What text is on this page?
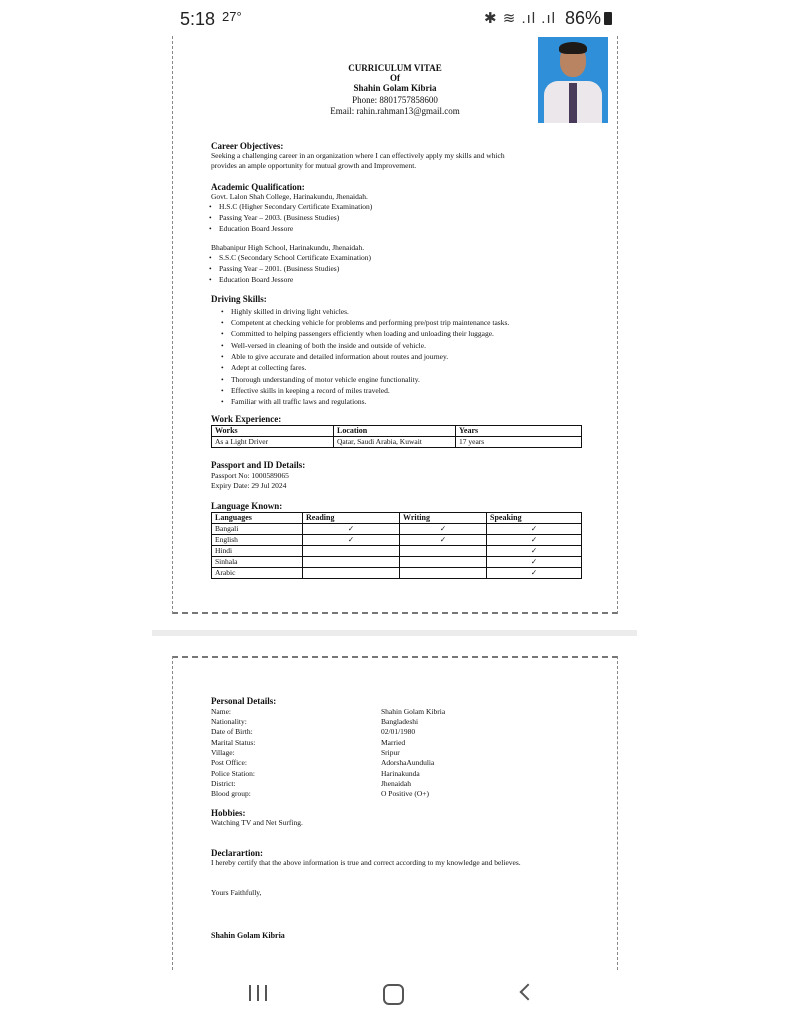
5:18 27°	✱ ≋ .ıl .ıl 86%
CURRICULUM VITAE
Of
Shahin Golam Kibria
Phone: 8801757858600
Email: rahin.rahman13@gmail.com
Career Objectives:
Seeking a challenging career in an organization where I can effectively apply my skills and which
provides an ample opportunity for mutual growth and Improvement.
Academic Qualification:
Govt. Lalon Shah College, Harinakundu, Jhenaidah.
• H.S.C (Higher Secondary Certificate Examination)
• Passing Year – 2003. (Business Studies)
• Education Board Jessore
Bhabanipur High School, Harinakundu, Jhenaidah.
• S.S.C (Secondary School Certificate Examination)
• Passing Year – 2001. (Business Studies)
• Education Board Jessore
Driving Skills:
• Highly skilled in driving light vehicles.
• Competent at checking vehicle for problems and performing pre/post trip maintenance tasks.
• Committed to helping passengers efficiently when loading and unloading their luggage.
• Well-versed in cleaning of both the inside and outside of vehicle.
• Able to give accurate and detailed information about routes and journey.
• Adept at collecting fares.
• Thorough understanding of motor vehicle engine functionality.
• Effective skills in keeping a record of miles traveled.
• Familiar with all traffic laws and regulations.
Work Experience:
Works	Location	Years
As a Light Driver	Qatar, Saudi Arabia, Kuwait	17 years
Passport and ID Details:
Passport No: 1000589065
Expiry Date: 29 Jul 2024
Language Known:
Languages	Reading	Writing	Speaking
Bangali	✓	✓	✓
English	✓	✓	✓
Hindi			✓
Sinhala			✓
Arabic			✓
Personal Details:
Name:	Shahin Golam Kibria
Nationality:	Bangladeshi
Date of Birth:	02/01/1980
Marital Status:	Married
Village:	Sripur
Post Office:	AdorshaAundulia
Police Station:	Harinakunda
District:	Jhenaidah
Blood group:	O Positive (O+)
Hobbies:
Watching TV and Net Surfing.
Declarartion:
I hereby certify that the above information is true and correct according to my knowledge and believes.
Yours Faithfully,
Shahin Golam Kibria
